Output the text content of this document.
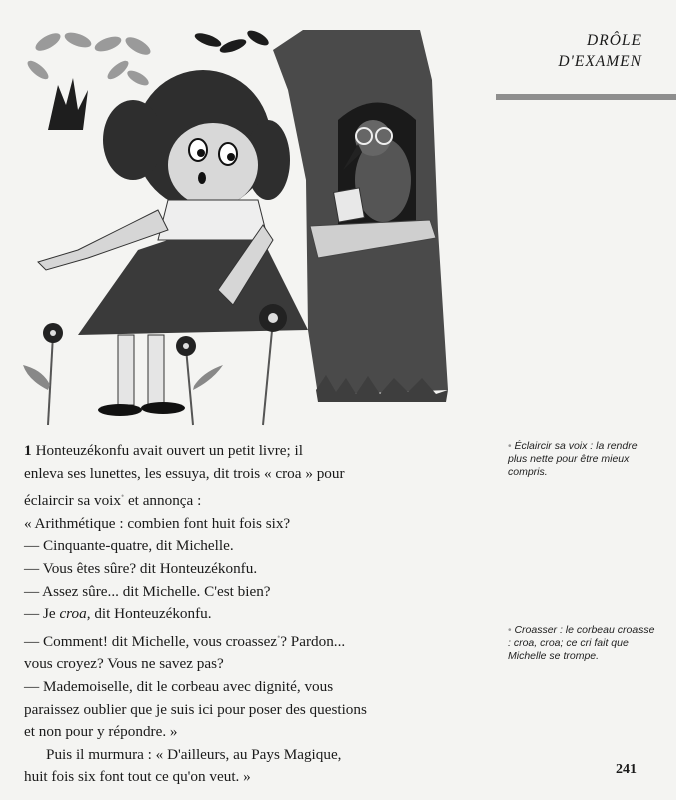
DRÔLE
D'EXAMEN
1 Honteuzékonfu avait ouvert un petit livre; il
enleva ses lunettes, les essuya, dit trois « croa » pour
éclaircir sa voix• et annonça :
« Arithmétique : combien font huit fois six?
— Cinquante-quatre, dit Michelle.
— Vous êtes sûre? dit Honteuzékonfu.
— Assez sûre... dit Michelle. C'est bien?
— Je croa, dit Honteuzékonfu.
— Comment! dit Michelle, vous croassez•? Pardon...
vous croyez? Vous ne savez pas?
— Mademoiselle, dit le corbeau avec dignité, vous
paraissez oublier que je suis ici pour poser des questions
et non pour y répondre. »
Puis il murmura : « D'ailleurs, au Pays Magique,
huit fois six font tout ce qu'on veut. »
• Éclaircir sa voix : la rendre plus nette pour être mieux compris.
• Croasser : le corbeau croasse : croa, croa; ce cri fait que Michelle se trompe.
241
